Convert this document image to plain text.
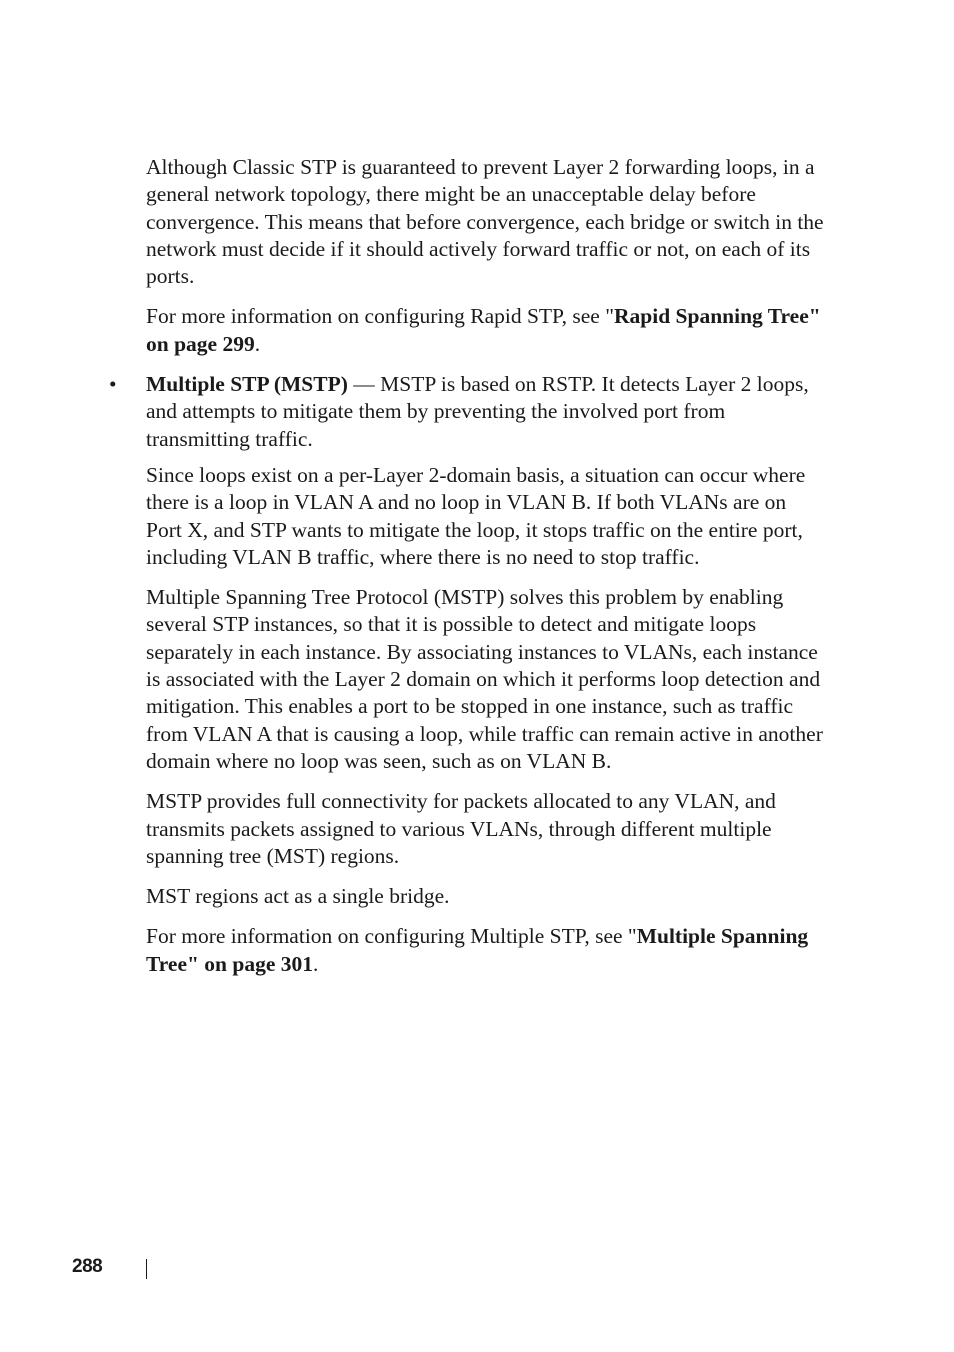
Although Classic STP is guaranteed to prevent Layer 2 forwarding loops, in a general network topology, there might be an unacceptable delay before convergence. This means that before convergence, each bridge or switch in the network must decide if it should actively forward traffic or not, on each of its ports.

For more information on configuring Rapid STP, see "Rapid Spanning Tree" on page 299.

• Multiple STP (MSTP) — MSTP is based on RSTP. It detects Layer 2 loops, and attempts to mitigate them by preventing the involved port from transmitting traffic.

Since loops exist on a per-Layer 2-domain basis, a situation can occur where there is a loop in VLAN A and no loop in VLAN B. If both VLANs are on Port X, and STP wants to mitigate the loop, it stops traffic on the entire port, including VLAN B traffic, where there is no need to stop traffic.

Multiple Spanning Tree Protocol (MSTP) solves this problem by enabling several STP instances, so that it is possible to detect and mitigate loops separately in each instance. By associating instances to VLANs, each instance is associated with the Layer 2 domain on which it performs loop detection and mitigation. This enables a port to be stopped in one instance, such as traffic from VLAN A that is causing a loop, while traffic can remain active in another domain where no loop was seen, such as on VLAN B.

MSTP provides full connectivity for packets allocated to any VLAN, and transmits packets assigned to various VLANs, through different multiple spanning tree (MST) regions.

MST regions act as a single bridge.

For more information on configuring Multiple STP, see "Multiple Spanning Tree" on page 301.

288
